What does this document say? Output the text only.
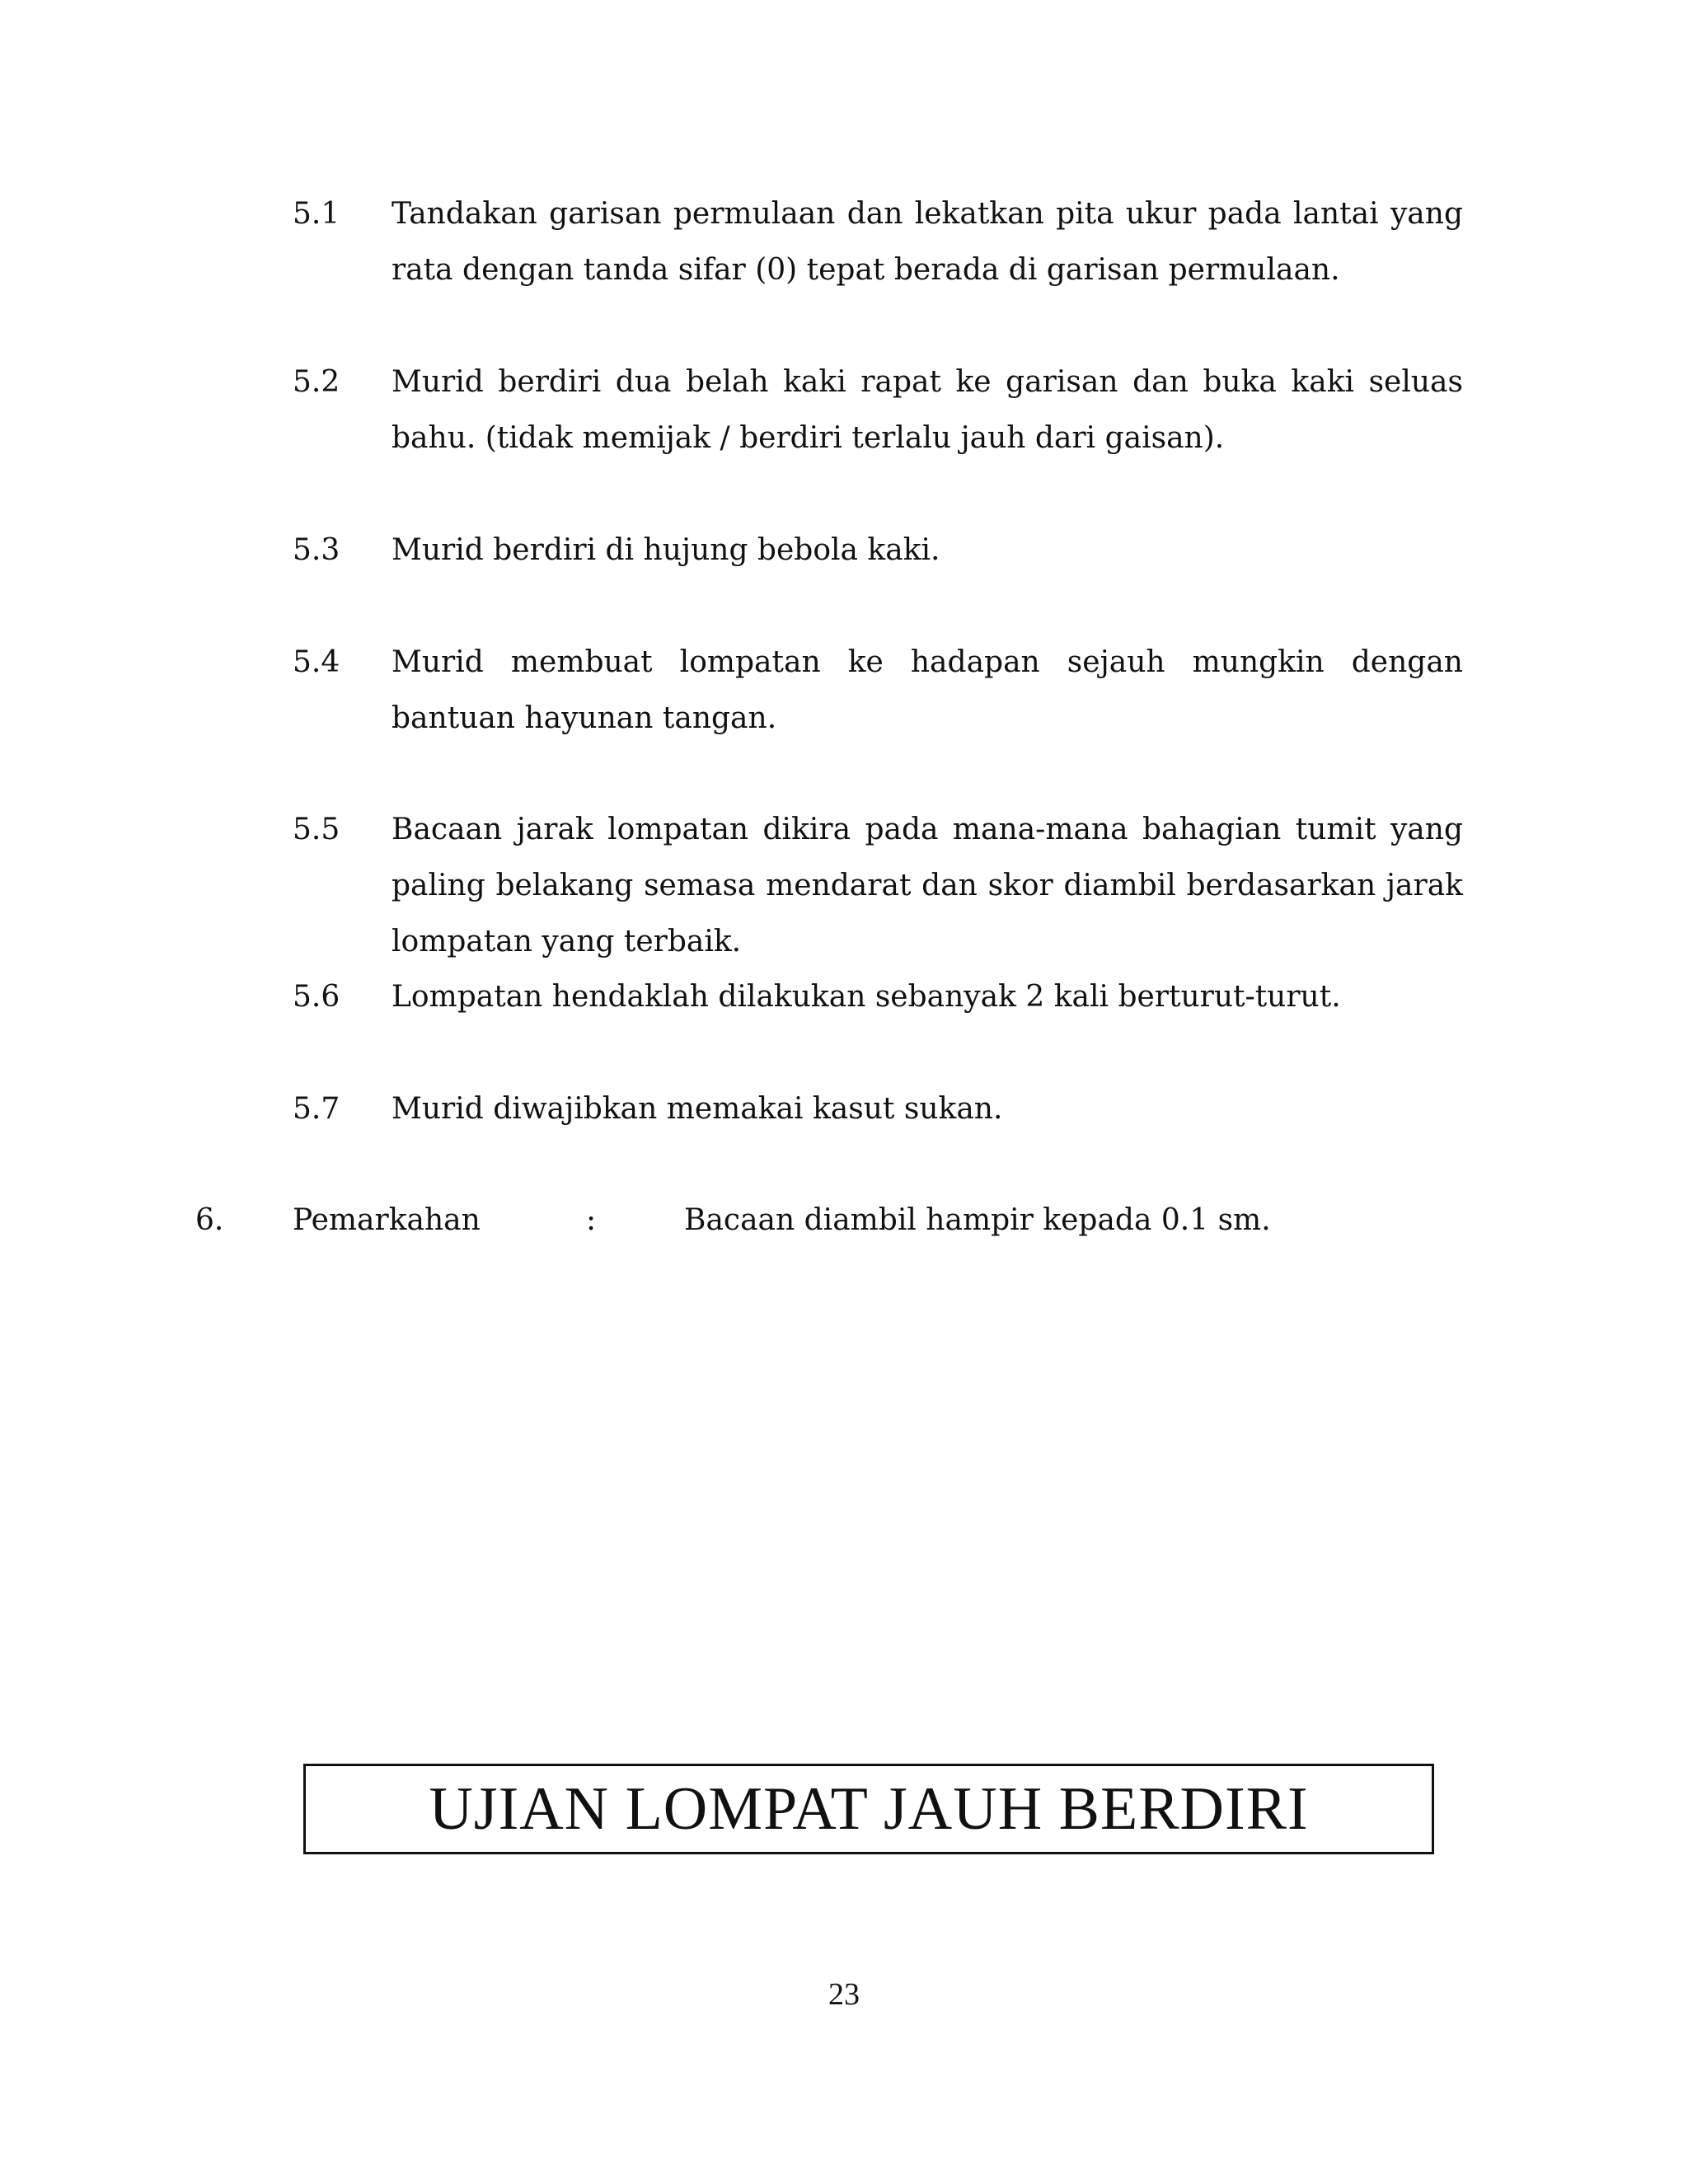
5.1	Tandakan garisan permulaan dan lekatkan pita ukur pada lantai yang rata dengan tanda sifar (0) tepat berada di garisan permulaan.
5.2	Murid berdiri dua belah kaki rapat ke garisan dan buka kaki seluas bahu. (tidak memijak / berdiri terlalu jauh dari gaisan).
5.3	Murid berdiri di hujung bebola kaki.
5.4	Murid membuat lompatan ke hadapan sejauh mungkin dengan bantuan hayunan tangan.
5.5	Bacaan jarak lompatan dikira pada mana-mana bahagian tumit yang paling belakang semasa mendarat dan skor diambil berdasarkan jarak lompatan yang terbaik.
5.6	Lompatan hendaklah dilakukan sebanyak 2 kali berturut-turut.
5.7	Murid diwajibkan memakai kasut sukan.
6. Pemarkahan	:	Bacaan diambil hampir kepada 0.1 sm.
UJIAN LOMPAT JAUH BERDIRI
23
